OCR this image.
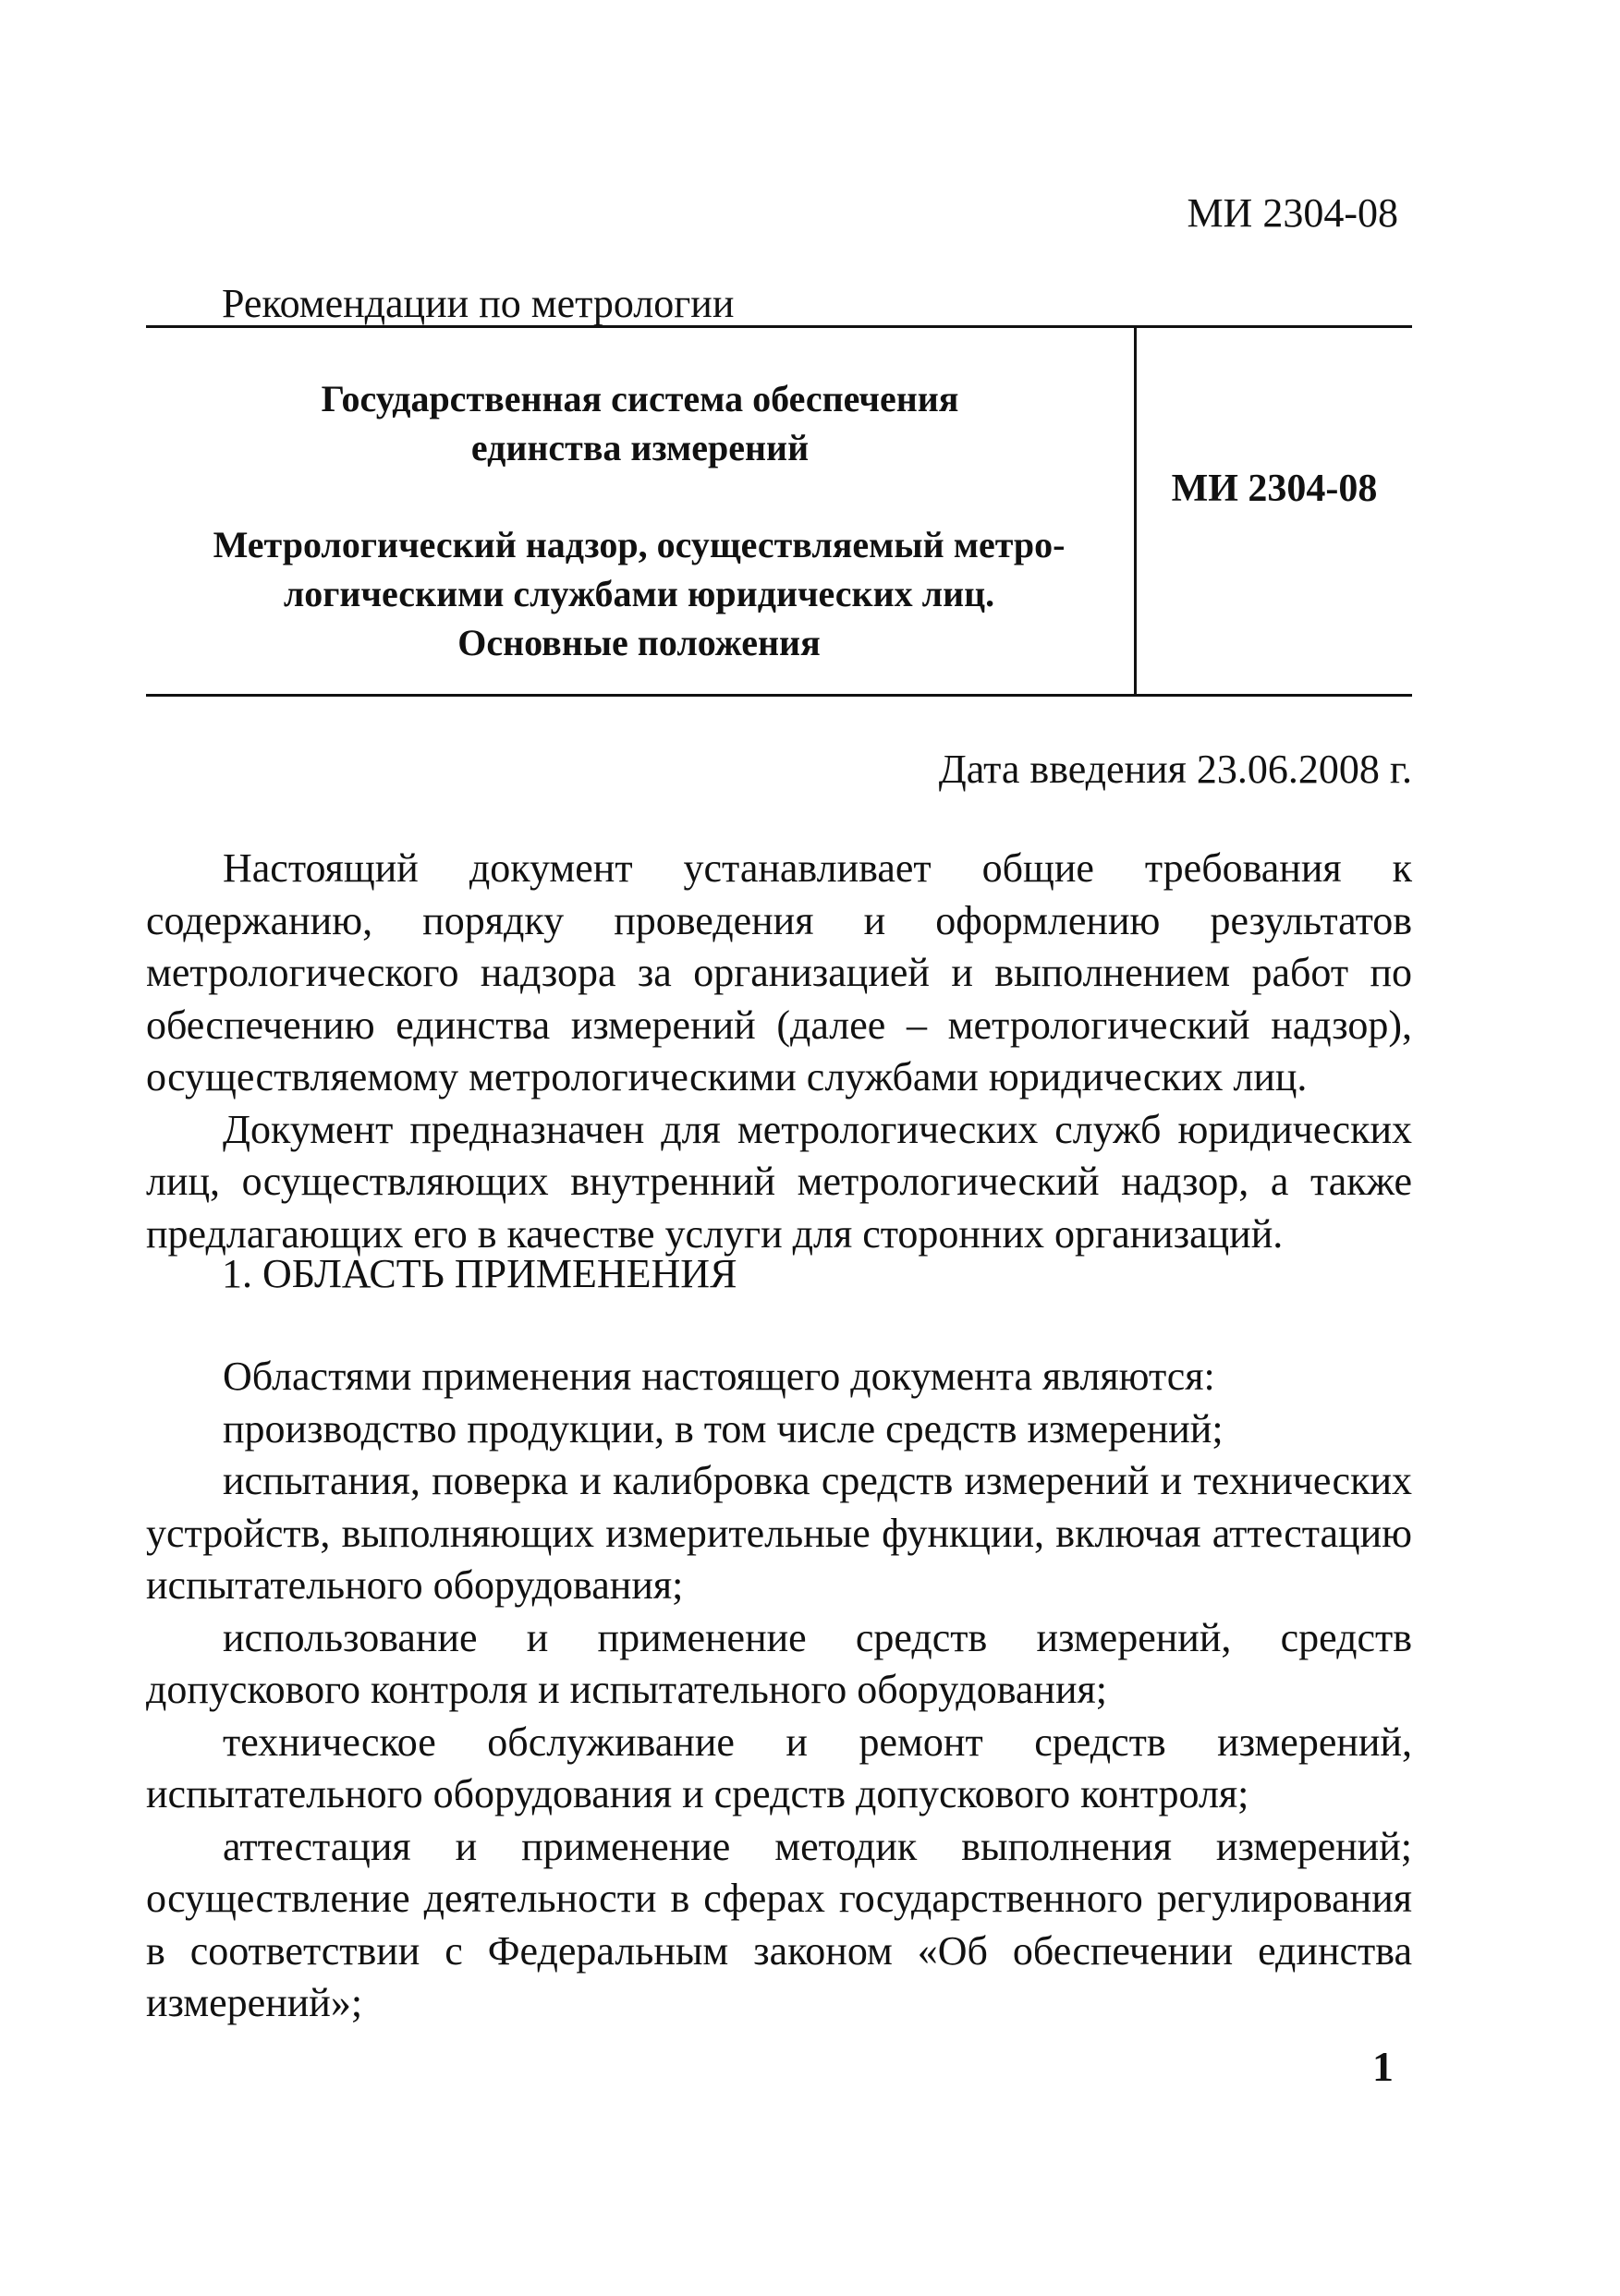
МИ 2304-08
Рекомендации по метрологии
Государственная система обеспечения
единства измерений
Метрологический надзор, осуществляемый метро-
логическими службами юридических лиц.
Основные положения
МИ 2304-08
Дата введения 23.06.2008 г.

Настоящий документ устанавливает общие требования к содержанию, порядку проведения и оформлению результатов метрологического надзора за организацией и выполнением работ по обеспечению единства измерений (далее – метрологический надзор), осуществляемому метрологическими службами юридических лиц.

Документ предназначен для метрологических служб юридических лиц, осуществляющих внутренний метрологический надзор, а также предлагающих его в качестве услуги для сторонних организаций.

1. ОБЛАСТЬ ПРИМЕНЕНИЯ

Областями применения настоящего документа являются:

производство продукции, в том числе средств измерений;

испытания, поверка и калибровка средств измерений и технических устройств, выполняющих измерительные функции, включая аттестацию испытательного оборудования;

использование и применение средств измерений, средств допускового контроля и испытательного оборудования;

техническое обслуживание и ремонт средств измерений, испытательного оборудования и средств допускового контроля;

аттестация и применение методик выполнения измерений; осуществление деятельности в сферах государственного регулирования в соответствии с Федеральным законом «Об обеспечении единства измерений»;

1
